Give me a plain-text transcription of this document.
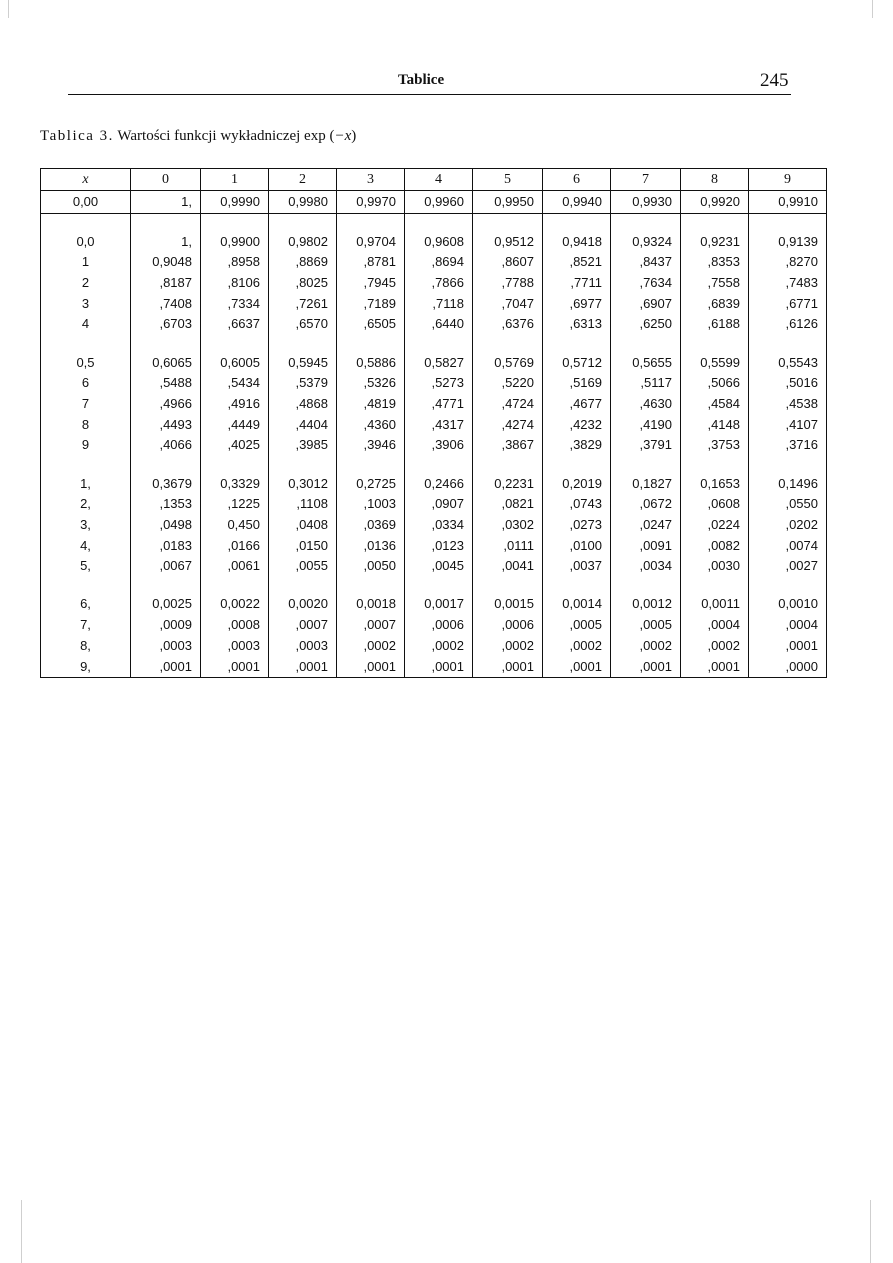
Tablice	245
Tablica 3. Wartości funkcji wykładniczej exp (−x)
x	0	1	2	3	4	5	6	7	8	9
0,00	1,	0,9990	0,9980	0,9970	0,9960	0,9950	0,9940	0,9930	0,9920	0,9910

0,0	1,	0,9900	0,9802	0,9704	0,9608	0,9512	0,9418	0,9324	0,9231	0,9139
1	0,9048	,8958	,8869	,8781	,8694	,8607	,8521	,8437	,8353	,8270
2	,8187	,8106	,8025	,7945	,7866	,7788	,7711	,7634	,7558	,7483
3	,7408	,7334	,7261	,7189	,7118	,7047	,6977	,6907	,6839	,6771
4	,6703	,6637	,6570	,6505	,6440	,6376	,6313	,6250	,6188	,6126

0,5	0,6065	0,6005	0,5945	0,5886	0,5827	0,5769	0,5712	0,5655	0,5599	0,5543
6	,5488	,5434	,5379	,5326	,5273	,5220	,5169	,5117	,5066	,5016
7	,4966	,4916	,4868	,4819	,4771	,4724	,4677	,4630	,4584	,4538
8	,4493	,4449	,4404	,4360	,4317	,4274	,4232	,4190	,4148	,4107
9	,4066	,4025	,3985	,3946	,3906	,3867	,3829	,3791	,3753	,3716

1,	0,3679	0,3329	0,3012	0,2725	0,2466	0,2231	0,2019	0,1827	0,1653	0,1496
2,	,1353	,1225	,1108	,1003	,0907	,0821	,0743	,0672	,0608	,0550
3,	,0498	0,450	,0408	,0369	,0334	,0302	,0273	,0247	,0224	,0202
4,	,0183	,0166	,0150	,0136	,0123	,0111	,0100	,0091	,0082	,0074
5,	,0067	,0061	,0055	,0050	,0045	,0041	,0037	,0034	,0030	,0027

6,	0,0025	0,0022	0,0020	0,0018	0,0017	0,0015	0,0014	0,0012	0,0011	0,0010
7,	,0009	,0008	,0007	,0007	,0006	,0006	,0005	,0005	,0004	,0004
8,	,0003	,0003	,0003	,0002	,0002	,0002	,0002	,0002	,0002	,0001
9,	,0001	,0001	,0001	,0001	,0001	,0001	,0001	,0001	,0001	,0000
